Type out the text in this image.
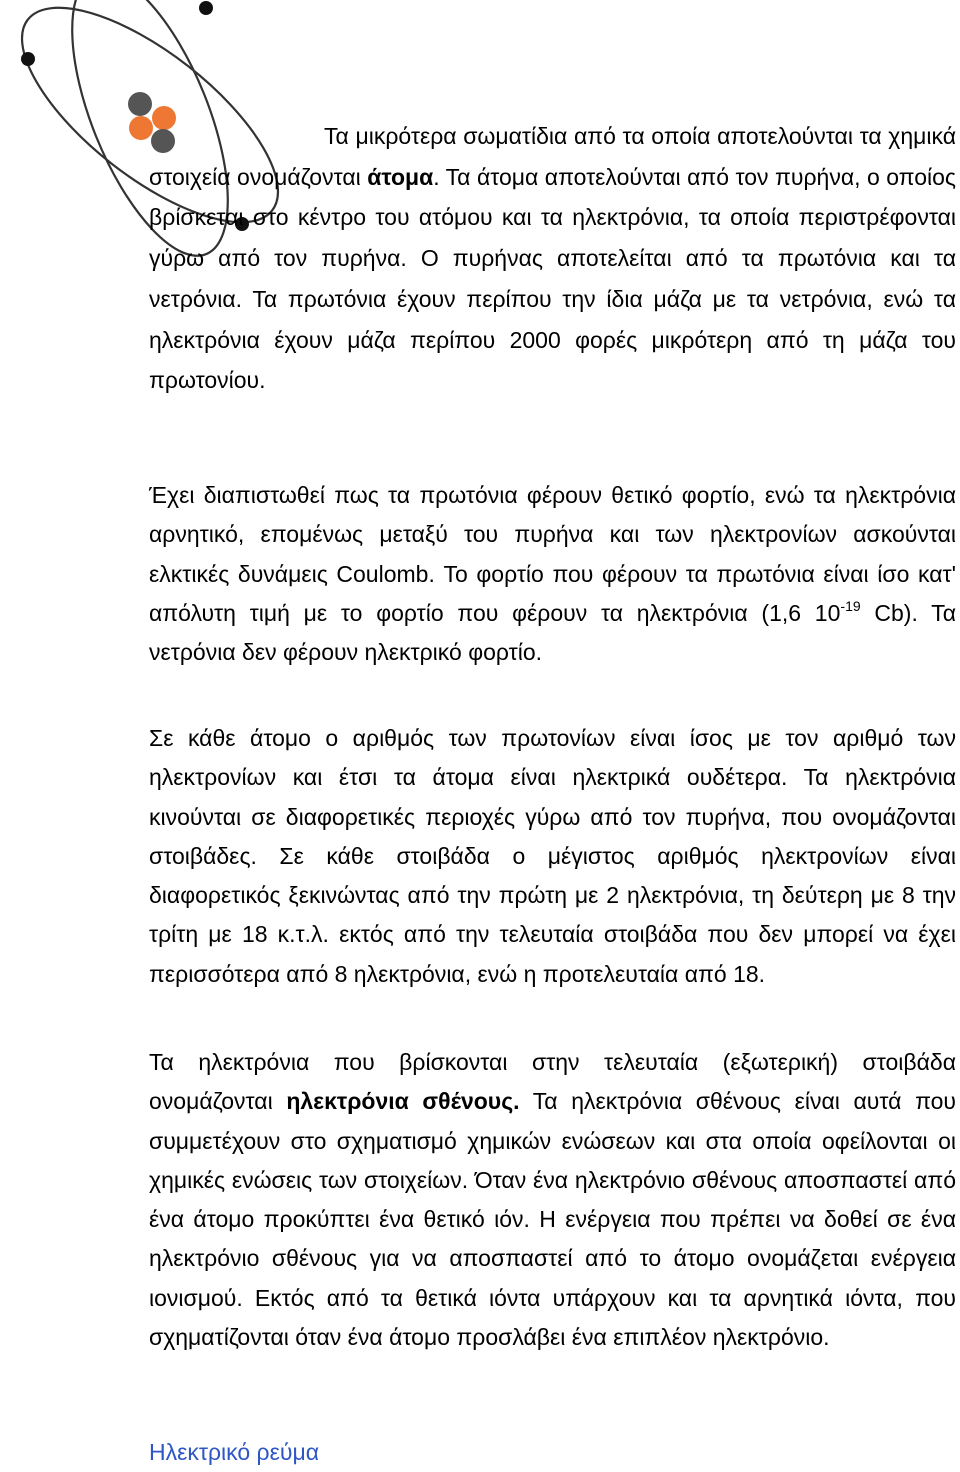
Τα μικρότερα σωματίδια από τα οποία αποτελούνται τα χημικά στοιχεία ονομάζονται άτομα. Τα άτομα αποτελούνται από τον πυρήνα, ο οποίος βρίσκεται στο κέντρο του ατόμου και τα ηλεκτρόνια, τα οποία περιστρέφονται γύρω από τον πυρήνα. Ο πυρήνας αποτελείται από τα πρωτόνια και τα νετρόνια. Τα πρωτόνια έχουν περίπου την ίδια μάζα με τα νετρόνια, ενώ τα ηλεκτρόνια έχουν μάζα περίπου 2000 φορές μικρότερη από τη μάζα του πρωτονίου.

Έχει διαπιστωθεί πως τα πρωτόνια φέρουν θετικό φορτίο, ενώ τα ηλεκτρόνια αρνητικό, επομένως μεταξύ του πυρήνα και των ηλεκτρονίων ασκούνται ελκτικές δυνάμεις Coulomb. Το φορτίο που φέρουν τα πρωτόνια είναι ίσο κατ' απόλυτη τιμή με το φορτίο που φέρουν τα ηλεκτρόνια (1,6 $10^{-19}$ Cb). Τα νετρόνια δεν φέρουν ηλεκτρικό φορτίο.

Σε κάθε άτομο ο αριθμός των πρωτονίων είναι ίσος με τον αριθμό των ηλεκτρονίων και έτσι τα άτομα είναι ηλεκτρικά ουδέτερα. Τα ηλεκτρόνια κινούνται σε διαφορετικές περιοχές γύρω από τον πυρήνα, που ονομάζονται στοιβάδες. Σε κάθε στοιβάδα ο μέγιστος αριθμός ηλεκτρονίων είναι διαφορετικός ξεκινώντας από την πρώτη με 2 ηλεκτρόνια, τη δεύτερη με 8 την τρίτη με 18 κ.τ.λ. εκτός από την τελευταία στοιβάδα που δεν μπορεί να έχει περισσότερα από 8 ηλεκτρόνια, ενώ η προτελευταία από 18.

Τα ηλεκτρόνια που βρίσκονται στην τελευταία (εξωτερική) στοιβάδα ονομάζονται ηλεκτρόνια σθένους. Τα ηλεκτρόνια σθένους είναι αυτά που συμμετέχουν στο σχηματισμό χημικών ενώσεων και στα οποία οφείλονται οι χημικές ενώσεις των στοιχείων. Όταν ένα ηλεκτρόνιο σθένους αποσπαστεί από ένα άτομο προκύπτει ένα θετικό ιόν. Η ενέργεια που πρέπει να δοθεί σε ένα ηλεκτρόνιο σθένους για να αποσπαστεί από το άτομο ονομάζεται ενέργεια ιονισμού. Εκτός από τα θετικά ιόντα υπάρχουν και τα αρνητικά ιόντα, που σχηματίζονται όταν ένα άτομο προσλάβει ένα επιπλέον ηλεκτρόνιο.

Ηλεκτρικό ρεύμα
